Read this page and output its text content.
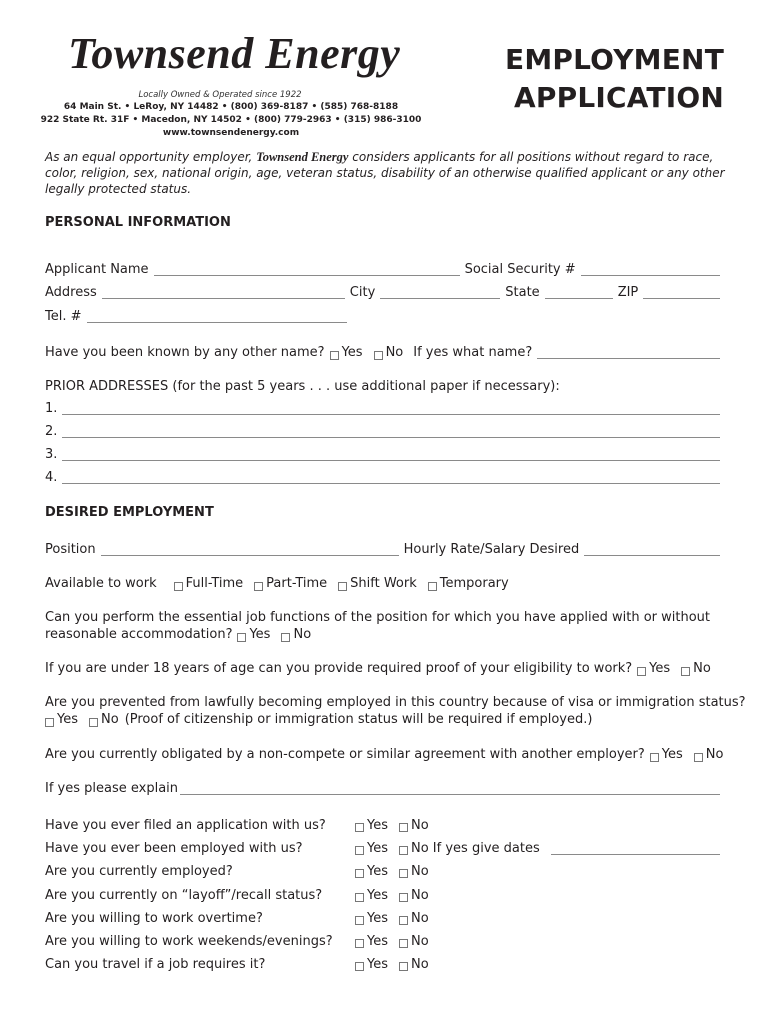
Townsend Energy
Locally Owned & Operated since 1922
64 Main St. • LeRoy, NY 14482 • (800) 369-8187 • (585) 768-8188
922 State Rt. 31F • Macedon, NY 14502 • (800) 779-2963 • (315) 986-3100
www.townsendenergy.com
EMPLOYMENT
APPLICATION
As an equal opportunity employer, Townsend Energy considers applicants for all positions without regard to race, color, religion, sex, national origin, age, veteran status, disability of an otherwise qualified applicant or any other legally protected status.
PERSONAL INFORMATION
Applicant Name	Social Security #
Address	City	State	ZIP
Tel. #
Have you been known by any other name? Yes No If yes what name?
PRIOR ADDRESSES (for the past 5 years . . . use additional paper if necessary):
1.
2.
3.
4.
DESIRED EMPLOYMENT
Position	Hourly Rate/Salary Desired
Available to work Full-Time Part-Time Shift Work Temporary
Can you perform the essential job functions of the position for which you have applied with or without
reasonable accommodation? Yes No
If you are under 18 years of age can you provide required proof of your eligibility to work? Yes No
Are you prevented from lawfully becoming employed in this country because of visa or immigration status?
Yes No (Proof of citizenship or immigration status will be required if employed.)
Are you currently obligated by a non-compete or similar agreement with another employer? Yes No
If yes please explain
Have you ever filed an application with us?	Yes No
Have you ever been employed with us?	Yes No If yes give dates
Are you currently employed?	Yes No
Are you currently on “layoff”/recall status?	Yes No
Are you willing to work overtime?	Yes No
Are you willing to work weekends/evenings?	Yes No
Can you travel if a job requires it?	Yes No
